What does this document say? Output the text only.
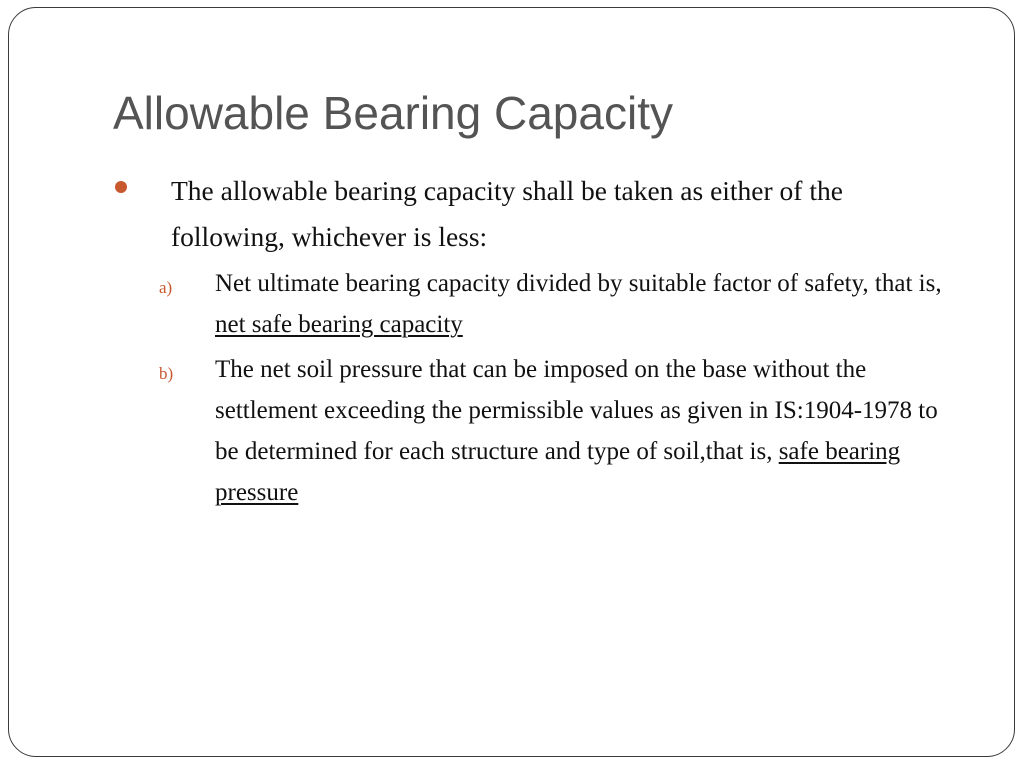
Allowable Bearing Capacity
The allowable bearing capacity shall be taken as either of the following, whichever is less:
a) Net ultimate bearing capacity divided by suitable factor of safety, that is, net safe bearing capacity
b) The net soil pressure that can be imposed on the base without the settlement exceeding the permissible values as given in IS:1904-1978 to be determined for each structure and type of soil,that is, safe bearing pressure
